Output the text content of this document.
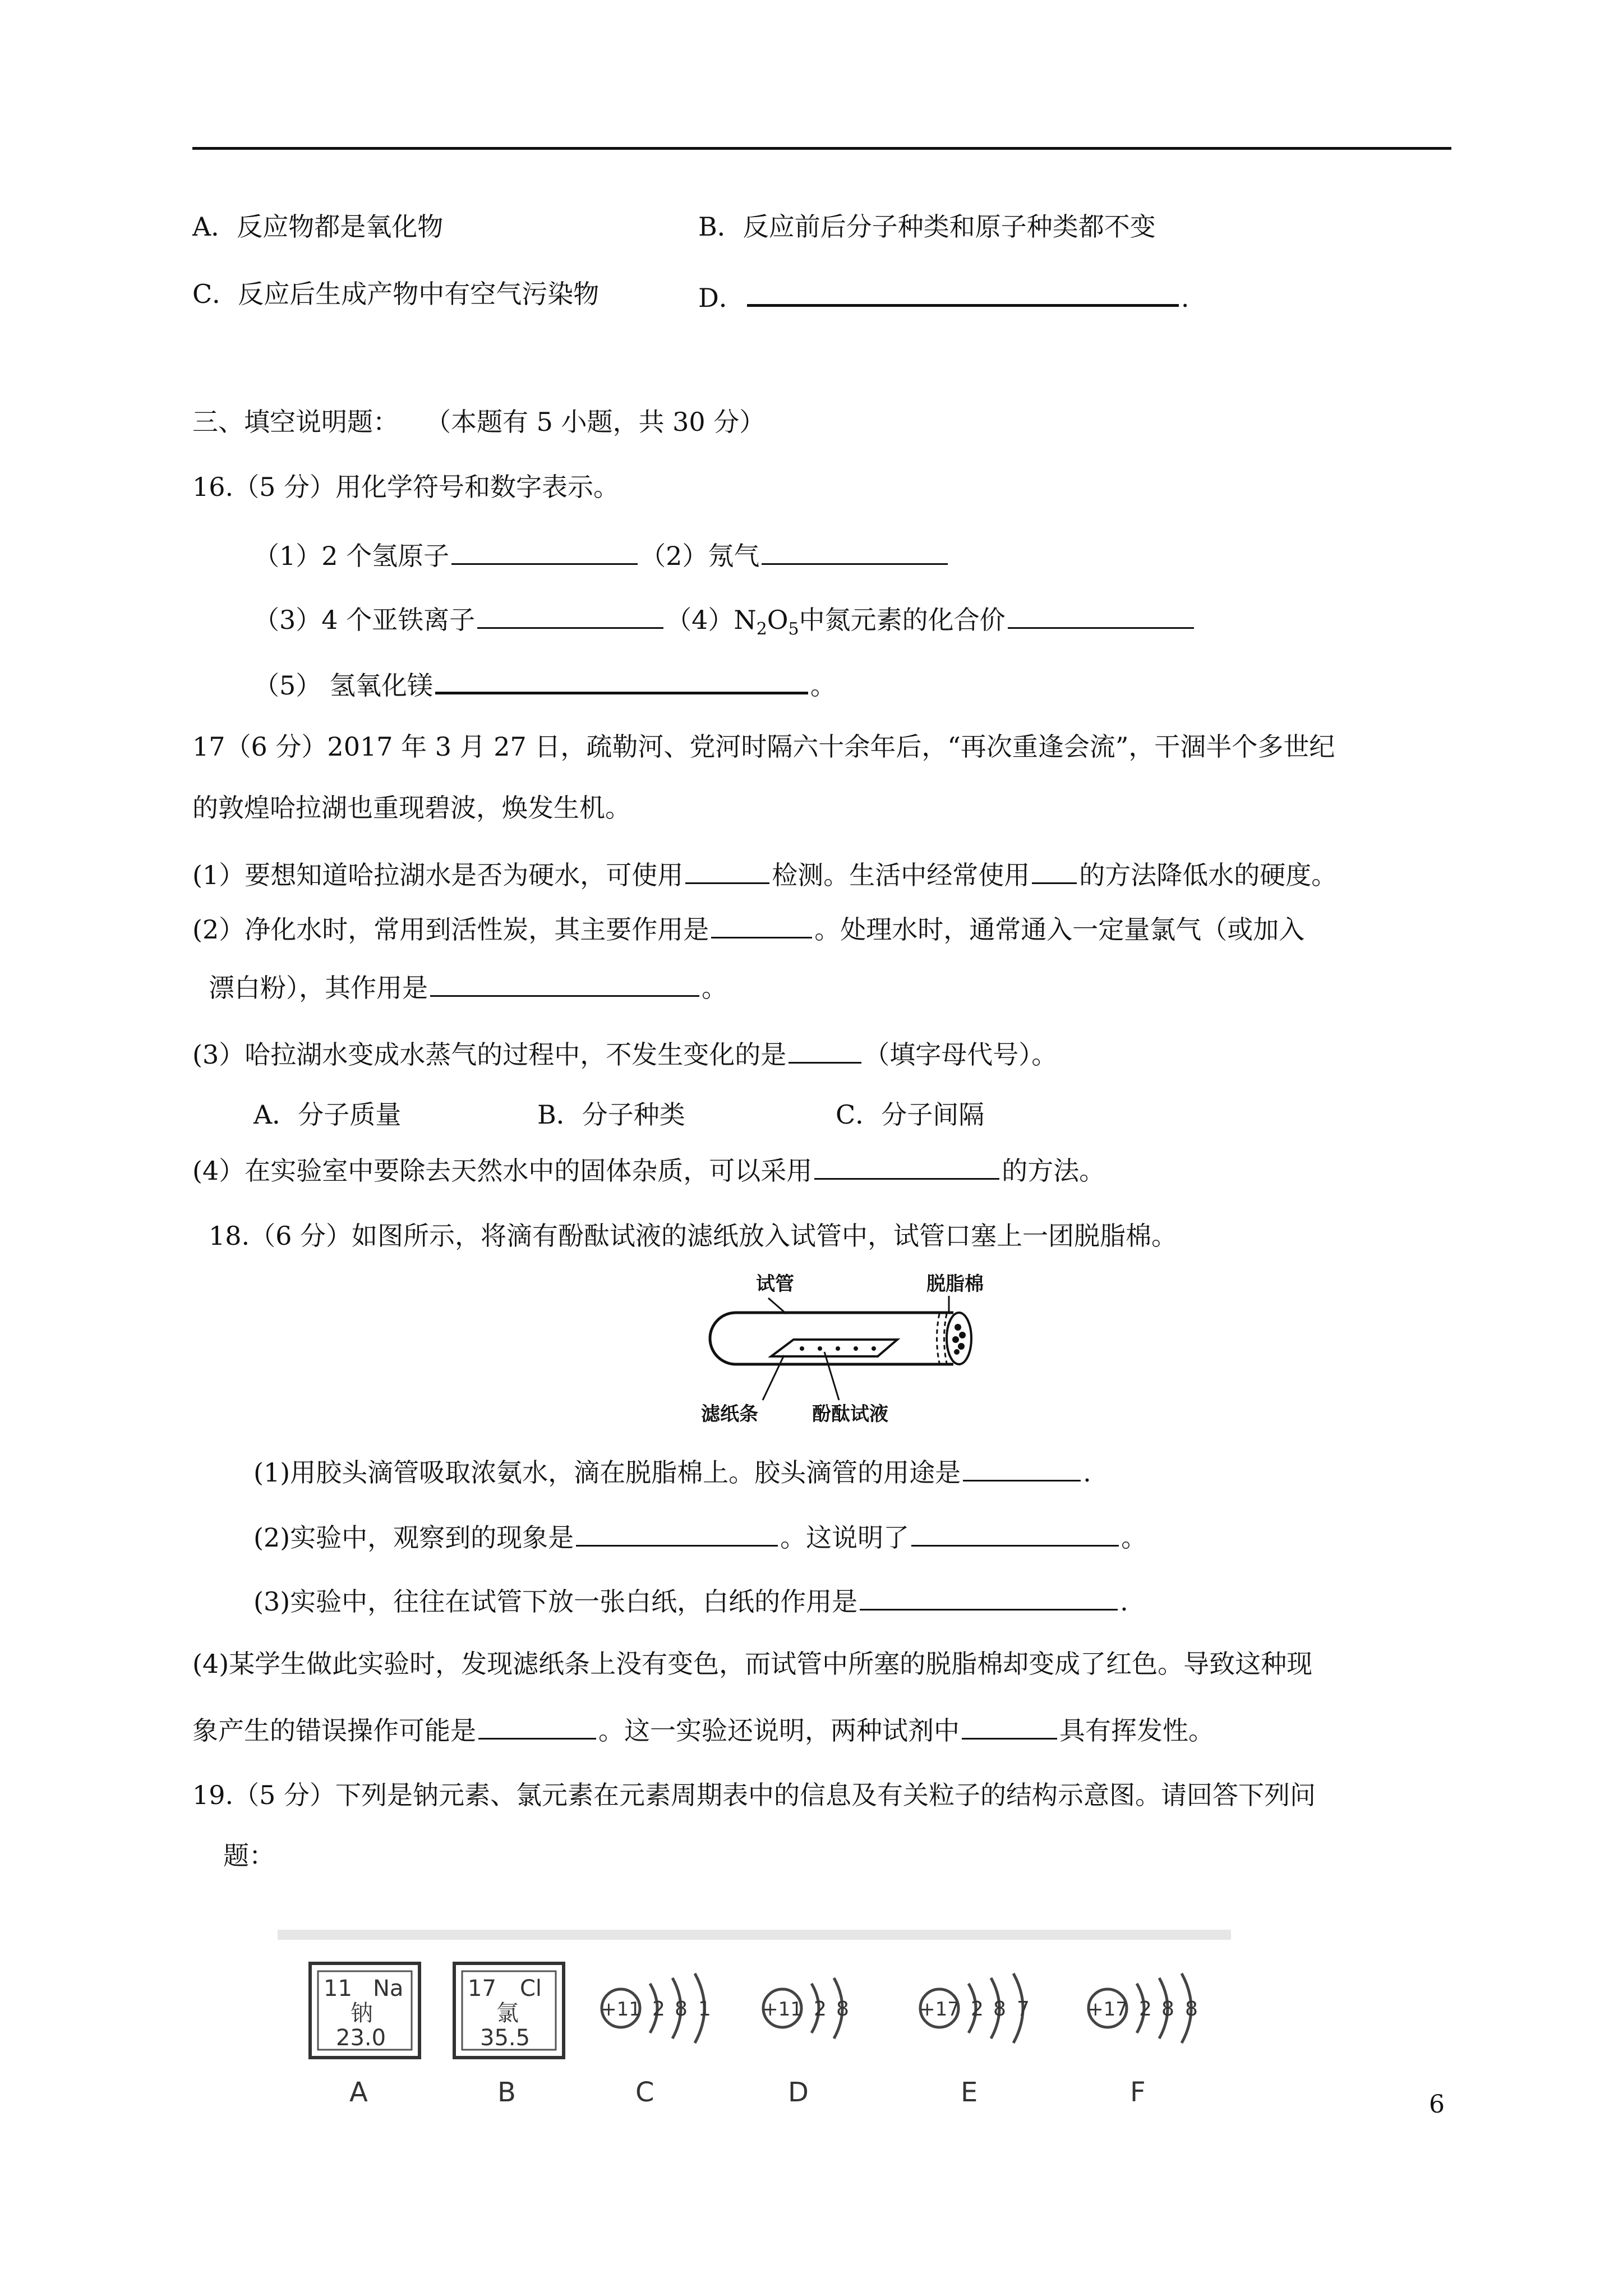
A．反应物都是氧化物	B．反应前后分子种类和原子种类都不变
C．反应后生成产物中有空气污染物	D．	.
三、填空说明题： （本题有 5 小题，共 30 分）
16.（5 分）用化学符号和数字表示。
（1）2 个氢原子	（2）氖气
（3）4 个亚铁离子	$(4)N_2O_5$中氮元素的化合价
（5） 氢氧化镁	。
17（6 分）2017 年 3 月 27 日，疏勒河、党河时隔六十余年后，“再次重逢会流”，干涸半个多世纪
的敦煌哈拉湖也重现碧波，焕发生机。
(1）要想知道哈拉湖水是否为硬水，可使用	检测。生活中经常使用 的方法降低水的硬度。
(2）净化水时，常用到活性炭，其主要作用是	。处理水时，通常通入一定量氯气（或加入
漂白粉），其作用是	。
(3）哈拉湖水变成水蒸气的过程中，不发生变化的是	（填字母代号）。
A．分子质量	B．分子种类	C．分子间隔
(4）在实验室中要除去天然水中的固体杂质，可以采用	的方法。
18.（6 分）如图所示，将滴有酚酞试液的滤纸放入试管中，试管口塞上一团脱脂棉。
试管	脱脂棉
滤纸条	酚酞试液
(1)用胶头滴管吸取浓氨水，滴在脱脂棉上。胶头滴管的用途是	.
(2)实验中，观察到的现象是	。这说明了	。
(3)实验中，往往在试管下放一张白纸，白纸的作用是	.
(4)某学生做此实验时，发现滤纸条上没有变色，而试管中所塞的脱脂棉却变成了红色。导致这种现
象产生的错误操作可能是	。这一实验还说明，两种试剂中	具有挥发性。
19.（5 分）下列是钠元素、氯元素在元素周期表中的信息及有关粒子的结构示意图。请回答下列问
题：
11 Na
钠
23.0
17 Cl
氯
35.5
A	B
+11 2 8 1
C
+11 2 8
D
+17 2 8 7
E
+17 2 8 8
F	6
